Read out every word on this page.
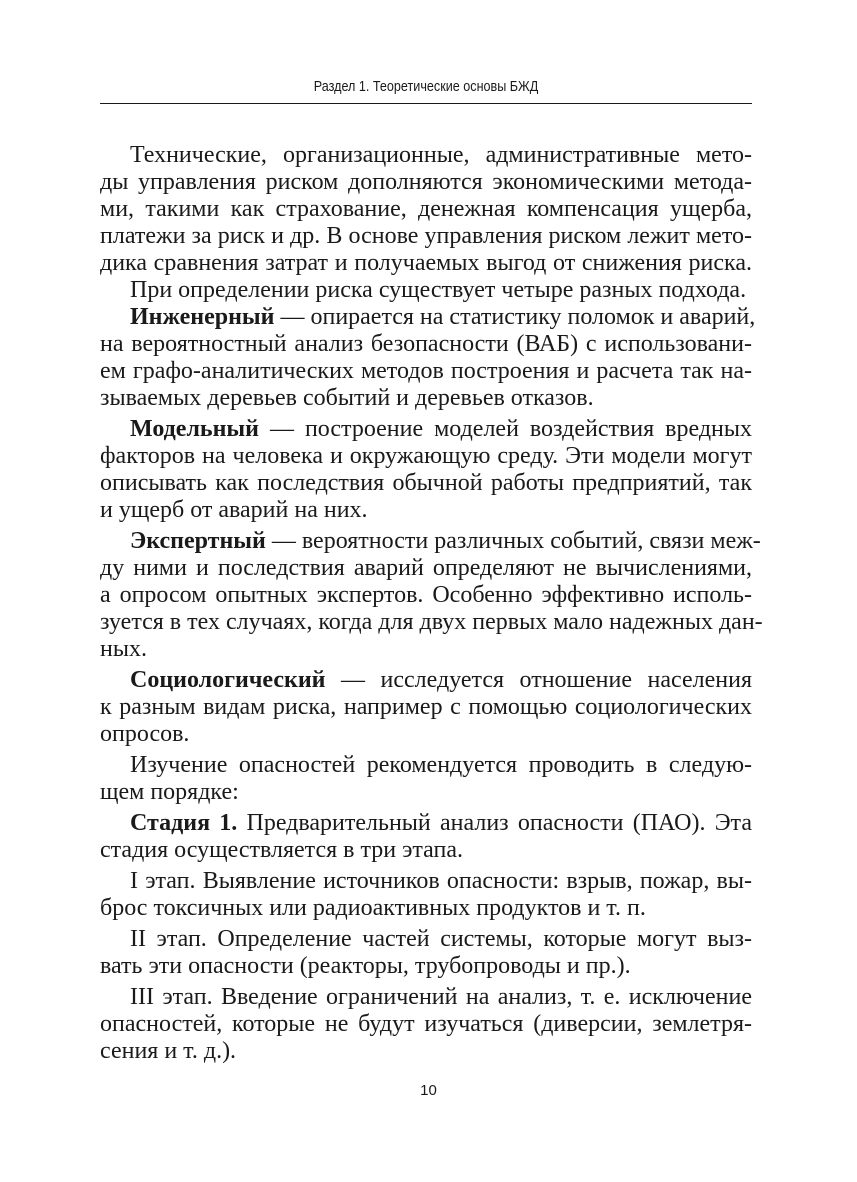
Раздел 1. Теоретические основы БЖД
Технические, организационные, административные мето-
ды управления риском дополняются экономическими метода-
ми, такими как страхование, денежная компенсация ущерба,
платежи за риск и др. В основе управления риском лежит мето-
дика сравнения затрат и получаемых выгод от снижения риска.
При определении риска существует четыре разных подхода.
Инженерный — опирается на статистику поломок и аварий,
на вероятностный анализ безопасности (ВАБ) с использовани-
ем графо-аналитических методов построения и расчета так на-
зываемых деревьев событий и деревьев отказов.
Модельный — построение моделей воздействия вредных
факторов на человека и окружающую среду. Эти модели могут
описывать как последствия обычной работы предприятий, так
и ущерб от аварий на них.
Экспертный — вероятности различных событий, связи меж-
ду ними и последствия аварий определяют не вычислениями,
а опросом опытных экспертов. Особенно эффективно исполь-
зуется в тех случаях, когда для двух первых мало надежных дан-
ных.
Социологический — исследуется отношение населения
к разным видам риска, например с помощью социологических
опросов.
Изучение опасностей рекомендуется проводить в следую-
щем порядке:
Стадия 1. Предварительный анализ опасности (ПАО). Эта
стадия осуществляется в три этапа.
I этап. Выявление источников опасности: взрыв, пожар, вы-
брос токсичных или радиоактивных продуктов и т. п.
II этап. Определение частей системы, которые могут выз-
вать эти опасности (реакторы, трубопроводы и пр.).
III этап. Введение ограничений на анализ, т. е. исключение
опасностей, которые не будут изучаться (диверсии, землетря-
сения и т. д.).
10
